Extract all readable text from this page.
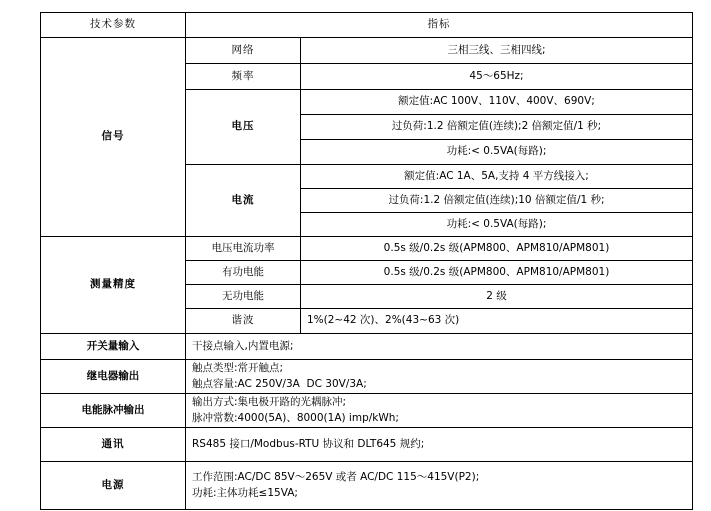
技术参数	指标	
信号	网络	三相三线、三相四线;
	频率	45～65Hz;
	电压	额定值:AC 100V、110V、400V、690V;
		过负荷:1.2 倍额定值(连续);2 倍额定值/1 秒;
		功耗:< 0.5VA(每路);
	电流	额定值:AC 1A、5A,支持 4 平方线接入;
		过负荷:1.2 倍额定值(连续);10 倍额定值/1 秒;
		功耗:< 0.5VA(每路);
测量精度	电压电流功率	0.5s 级/0.2s 级(APM800、APM810/APM801)
	有功电能	0.5s 级/0.2s 级(APM800、APM810/APM801)
	无功电能	2 级
	谐波	1%(2~42 次)、2%(43~63 次)
开关量输入	干接点输入,内置电源;	
继电器输出	触点类型:常开触点;
触点容量:AC 250V/3A  DC 30V/3A;	

电能脉冲输出	输出方式:集电极开路的光耦脉冲;
脉冲常数:4000(5A)、8000(1A) imp/kWh;	

通讯	RS485 接口/Modbus-RTU 协议和 DLT645 规约;	
电源	工作范围:AC/DC 85V～265V 或者 AC/DC 115～415V(P2);
功耗:主体功耗≤15VA;	
